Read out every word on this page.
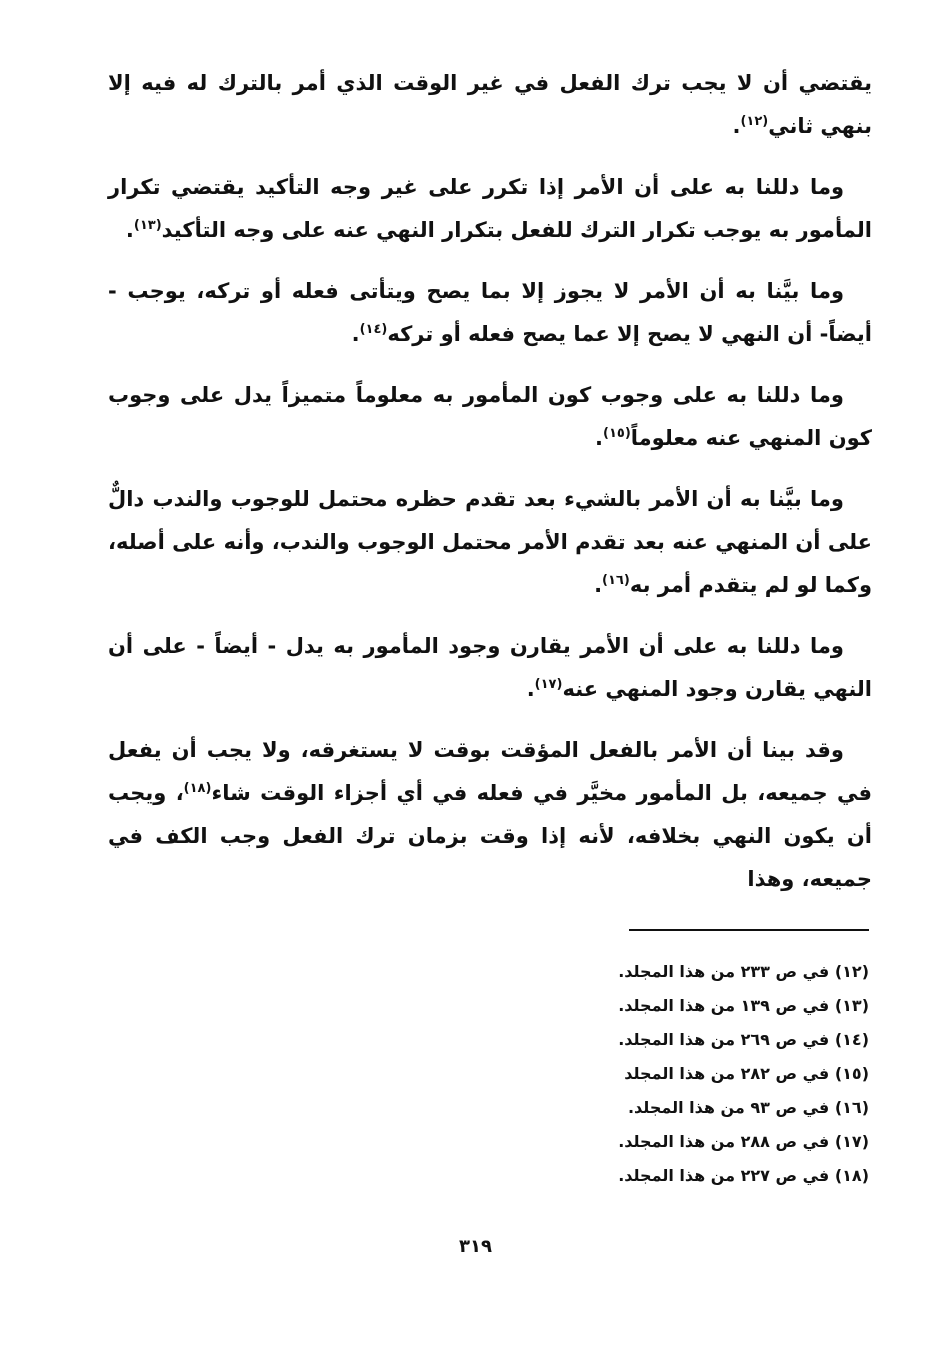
يقتضي أن لا يجب ترك الفعل في غير الوقت الذي أمر بالترك له فيه إلا بنهي ثاني$^{(١٢)}$.

وما دللنا به على أن الأمر إذا تكرر على غير وجه التأكيد يقتضي تكرار المأمور به يوجب تكرار الترك للفعل بتكرار النهي عنه على وجه التأكيد$^{(١٣)}$.

وما بيَّنا به أن الأمر لا يجوز إلا بما يصح ويتأتى فعله أو تركه، يوجب - أيضاً- أن النهي لا يصح إلا عما يصح فعله أو تركه$^{(١٤)}$.

وما دللنا به على وجوب كون المأمور به معلوماً متميزاً يدل على وجوب كون المنهي عنه معلوماً$^{(١٥)}$.

وما بيَّنا به أن الأمر بالشيء بعد تقدم حظره محتمل للوجوب والندب دالٌّ على أن المنهي عنه بعد تقدم الأمر محتمل الوجوب والندب، وأنه على أصله، وكما لو لم يتقدم أمر به$^{(١٦)}$.

وما دللنا به على أن الأمر يقارن وجود المأمور به يدل - أيضاً - على أن النهي يقارن وجود المنهي عنه$^{(١٧)}$.

وقد بينا أن الأمر بالفعل المؤقت بوقت لا يستغرقه، ولا يجب أن يفعل في جميعه، بل المأمور مخيَّر في فعله في أي أجزاء الوقت شاء$^{(١٨)}$، ويجب أن يكون النهي بخلافه، لأنه إذا وقت بزمان ترك الفعل وجب الكف في جميعه، وهذا

(١٢) في ص ٢٣٣ من هذا المجلد.
(١٣) في ص ١٣٩ من هذا المجلد.
(١٤) في ص ٢٦٩ من هذا المجلد.
(١٥) في ص ٢٨٢ من هذا المجلد
(١٦) في ص ٩٣ من هذا المجلد.
(١٧) في ص ٢٨٨ من هذا المجلد.
(١٨) في ص ٢٢٧ من هذا المجلد.
٣١٩
